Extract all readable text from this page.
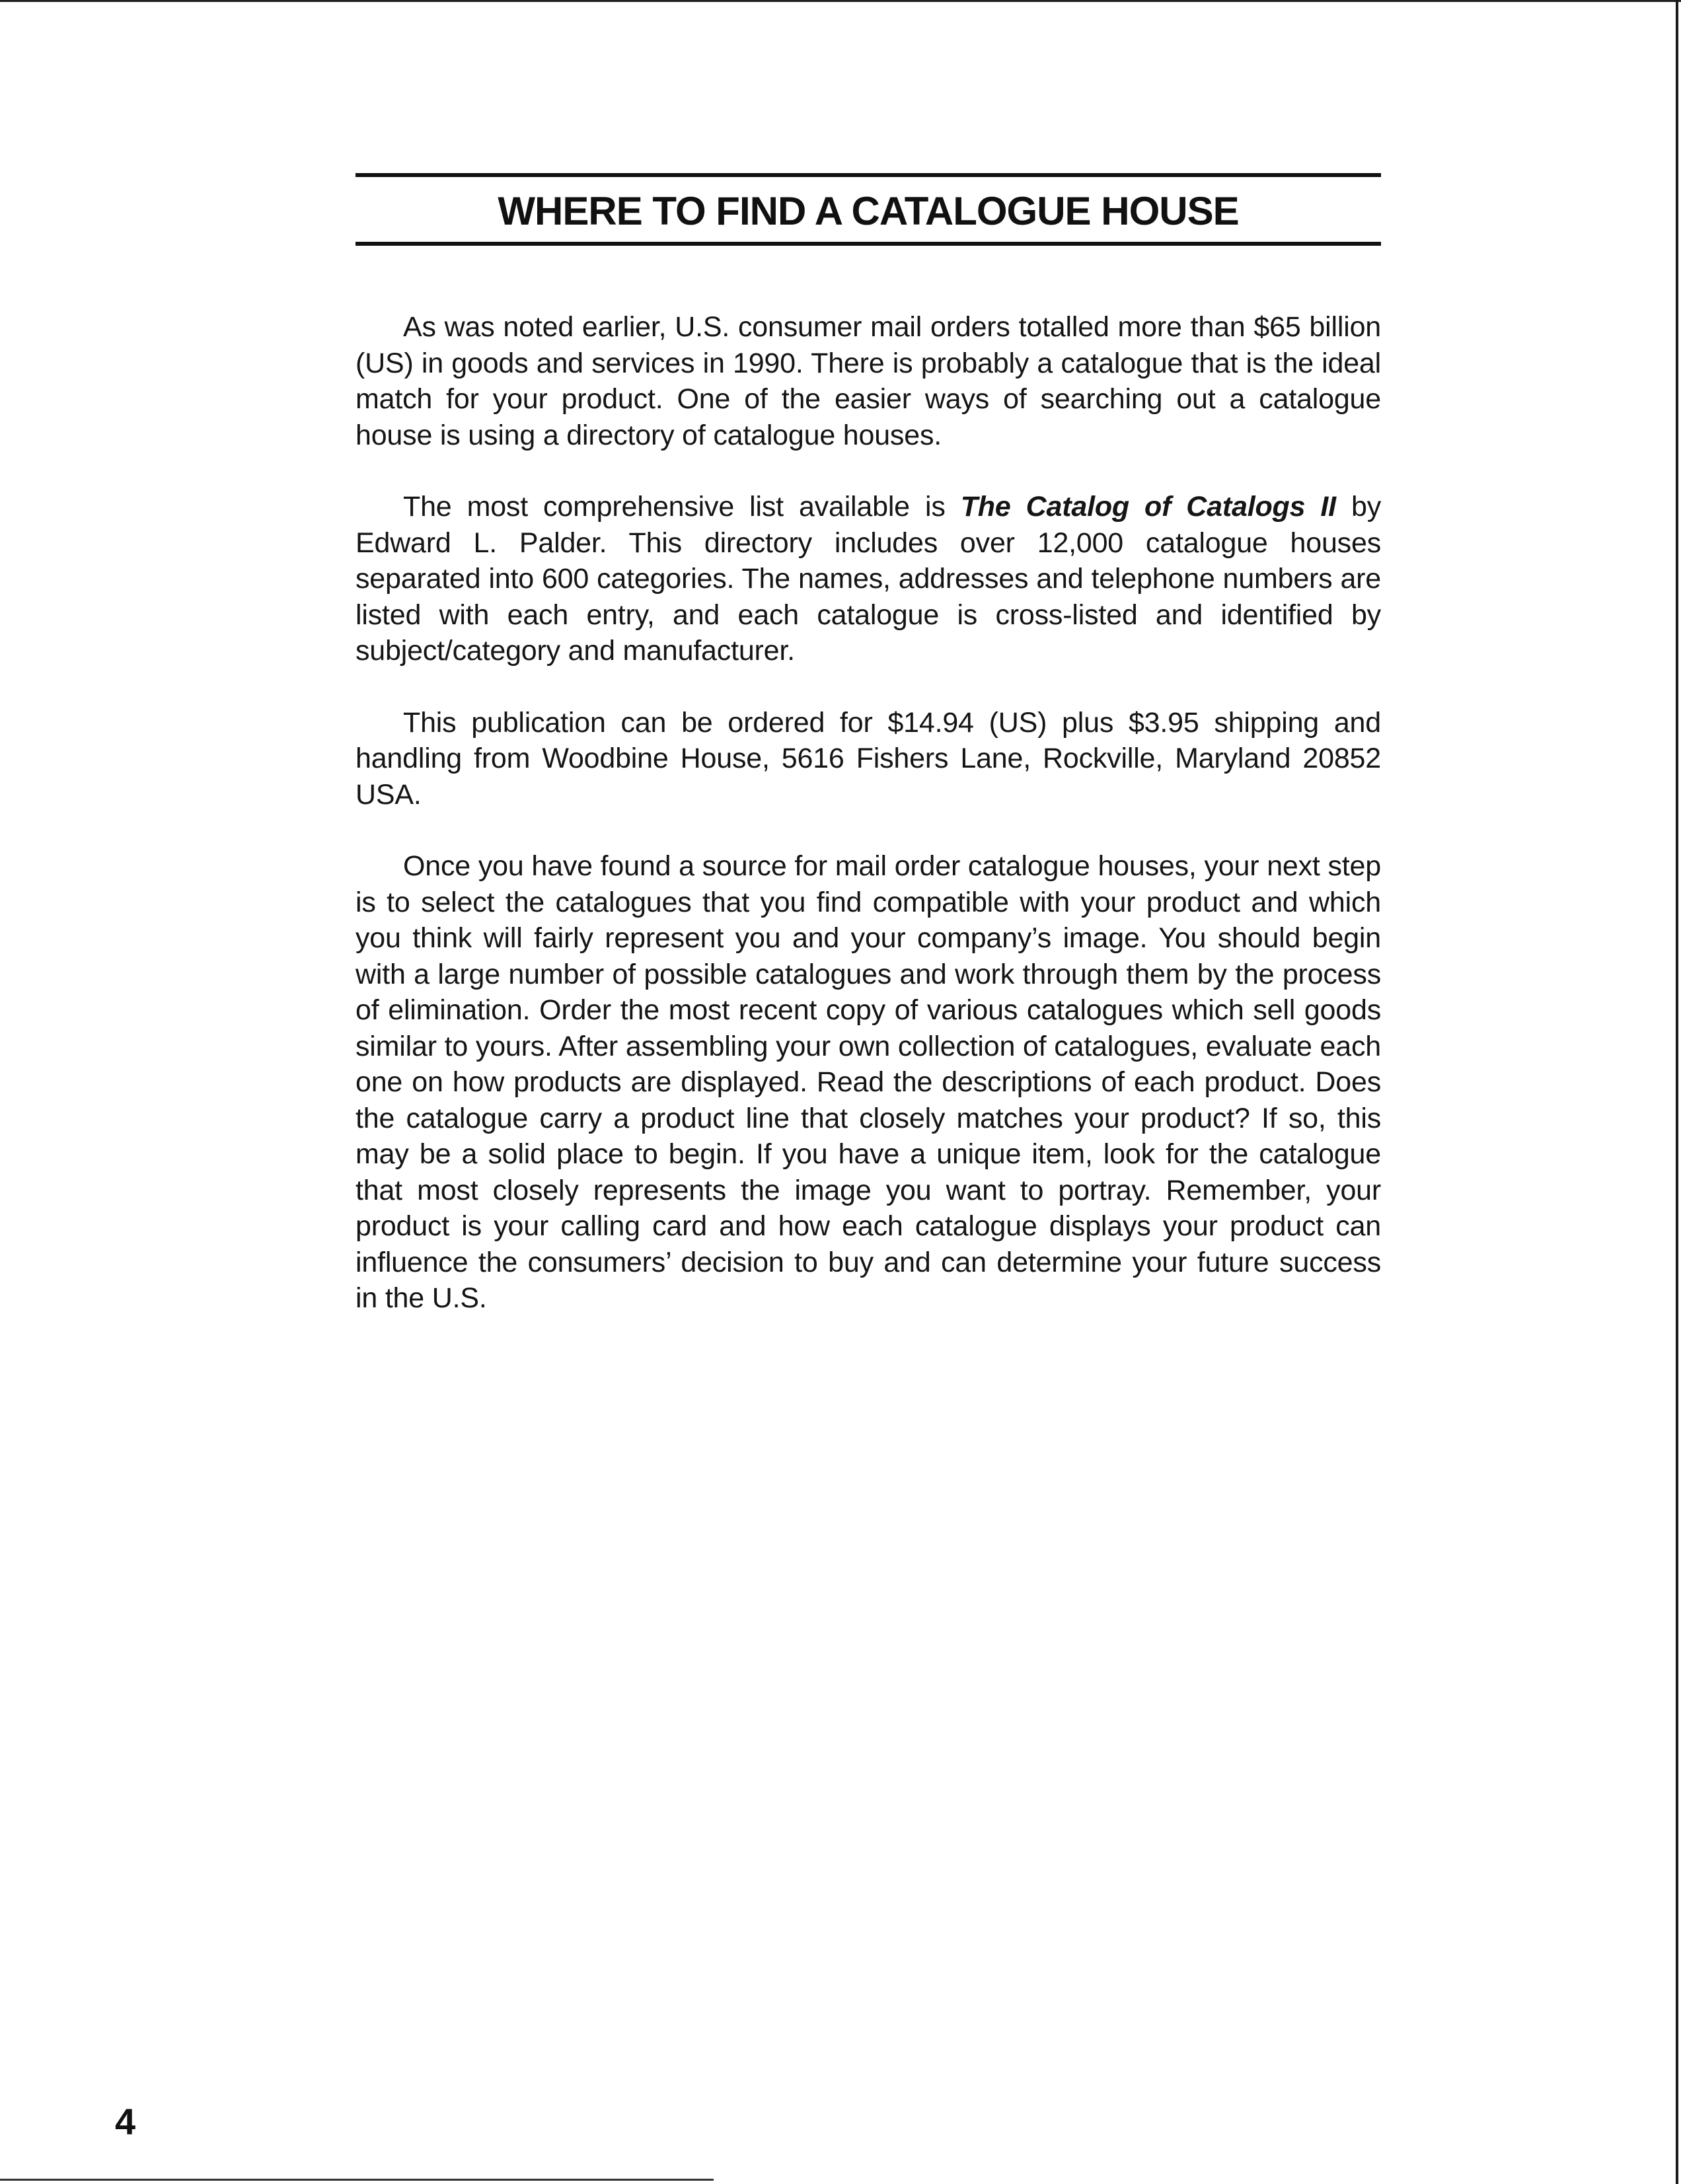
WHERE TO FIND A CATALOGUE HOUSE

As was noted earlier, U.S. consumer mail orders totalled more than $65 billion (US) in goods and services in 1990. There is probably a catalogue that is the ideal match for your product. One of the easier ways of searching out a catalogue house is using a directory of catalogue houses.

The most comprehensive list available is The Catalog of Catalogs II by Edward L. Palder. This directory includes over 12,000 catalogue houses separated into 600 categories. The names, addresses and telephone numbers are listed with each entry, and each catalogue is cross-listed and identified by subject/category and manufacturer.

This publication can be ordered for $14.94 (US) plus $3.95 shipping and handling from Woodbine House, 5616 Fishers Lane, Rockville, Maryland 20852 USA.

Once you have found a source for mail order catalogue houses, your next step is to select the catalogues that you find compatible with your product and which you think will fairly represent you and your company’s image. You should begin with a large number of possible catalogues and work through them by the process of elimination. Order the most recent copy of various catalogues which sell goods similar to yours. After assembling your own collection of catalogues, evaluate each one on how products are displayed. Read the descriptions of each product. Does the catalogue carry a product line that closely matches your product? If so, this may be a solid place to begin. If you have a unique item, look for the catalogue that most closely represents the image you want to portray. Remember, your product is your calling card and how each catalogue displays your product can influence the consumers’ decision to buy and can determine your future success in the U.S.

4
